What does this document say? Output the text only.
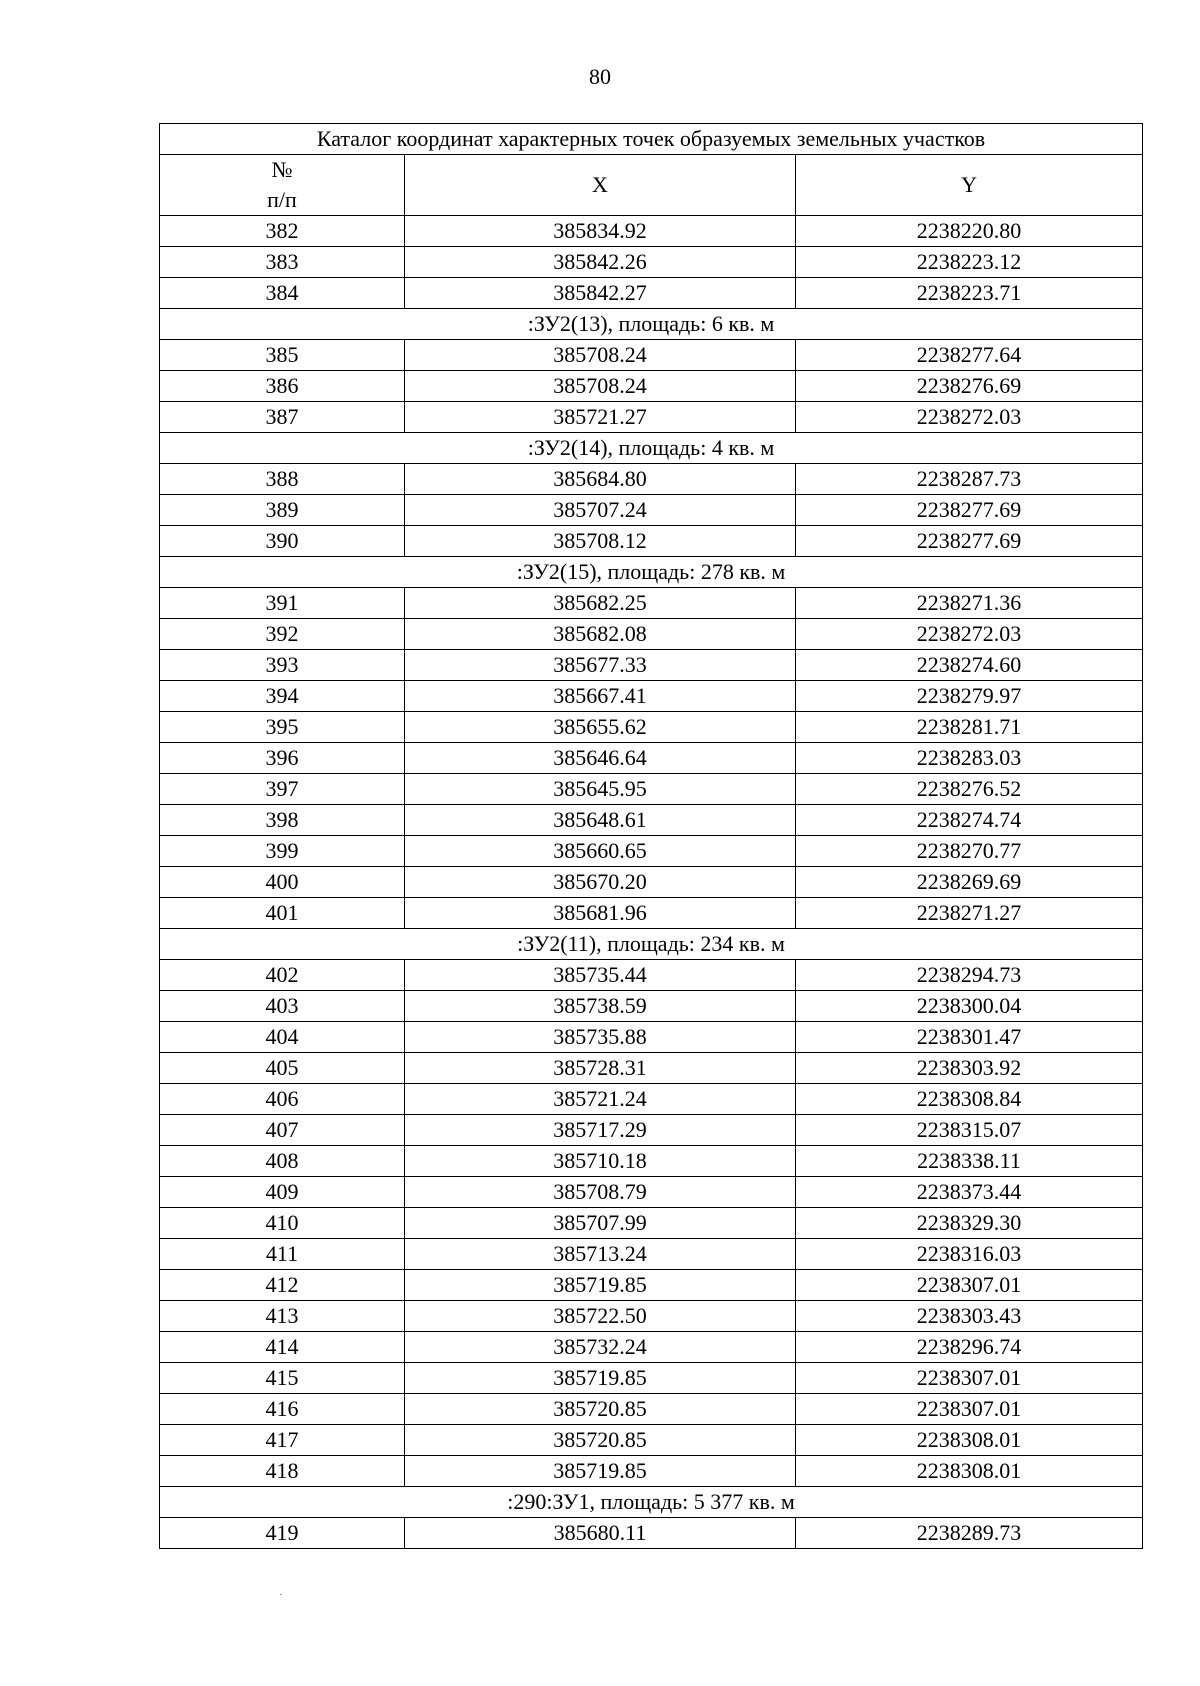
80
Каталог координат характерных точек образуемых земельных участков		
№
п/п	X	Y
382	385834.92	2238220.80
383	385842.26	2238223.12
384	385842.27	2238223.71
:ЗУ2(13), площадь: 6 кв. м		
385	385708.24	2238277.64
386	385708.24	2238276.69
387	385721.27	2238272.03
:ЗУ2(14), площадь: 4 кв. м		
388	385684.80	2238287.73
389	385707.24	2238277.69
390	385708.12	2238277.69
:ЗУ2(15), площадь: 278 кв. м		
391	385682.25	2238271.36
392	385682.08	2238272.03
393	385677.33	2238274.60
394	385667.41	2238279.97
395	385655.62	2238281.71
396	385646.64	2238283.03
397	385645.95	2238276.52
398	385648.61	2238274.74
399	385660.65	2238270.77
400	385670.20	2238269.69
401	385681.96	2238271.27
:ЗУ2(11), площадь: 234 кв. м		
402	385735.44	2238294.73
403	385738.59	2238300.04
404	385735.88	2238301.47
405	385728.31	2238303.92
406	385721.24	2238308.84
407	385717.29	2238315.07
408	385710.18	2238338.11
409	385708.79	2238373.44
410	385707.99	2238329.30
411	385713.24	2238316.03
412	385719.85	2238307.01
413	385722.50	2238303.43
414	385732.24	2238296.74
415	385719.85	2238307.01
416	385720.85	2238307.01
417	385720.85	2238308.01
418	385719.85	2238308.01
:290:ЗУ1, площадь: 5 377 кв. м		
419	385680.11	2238289.73
